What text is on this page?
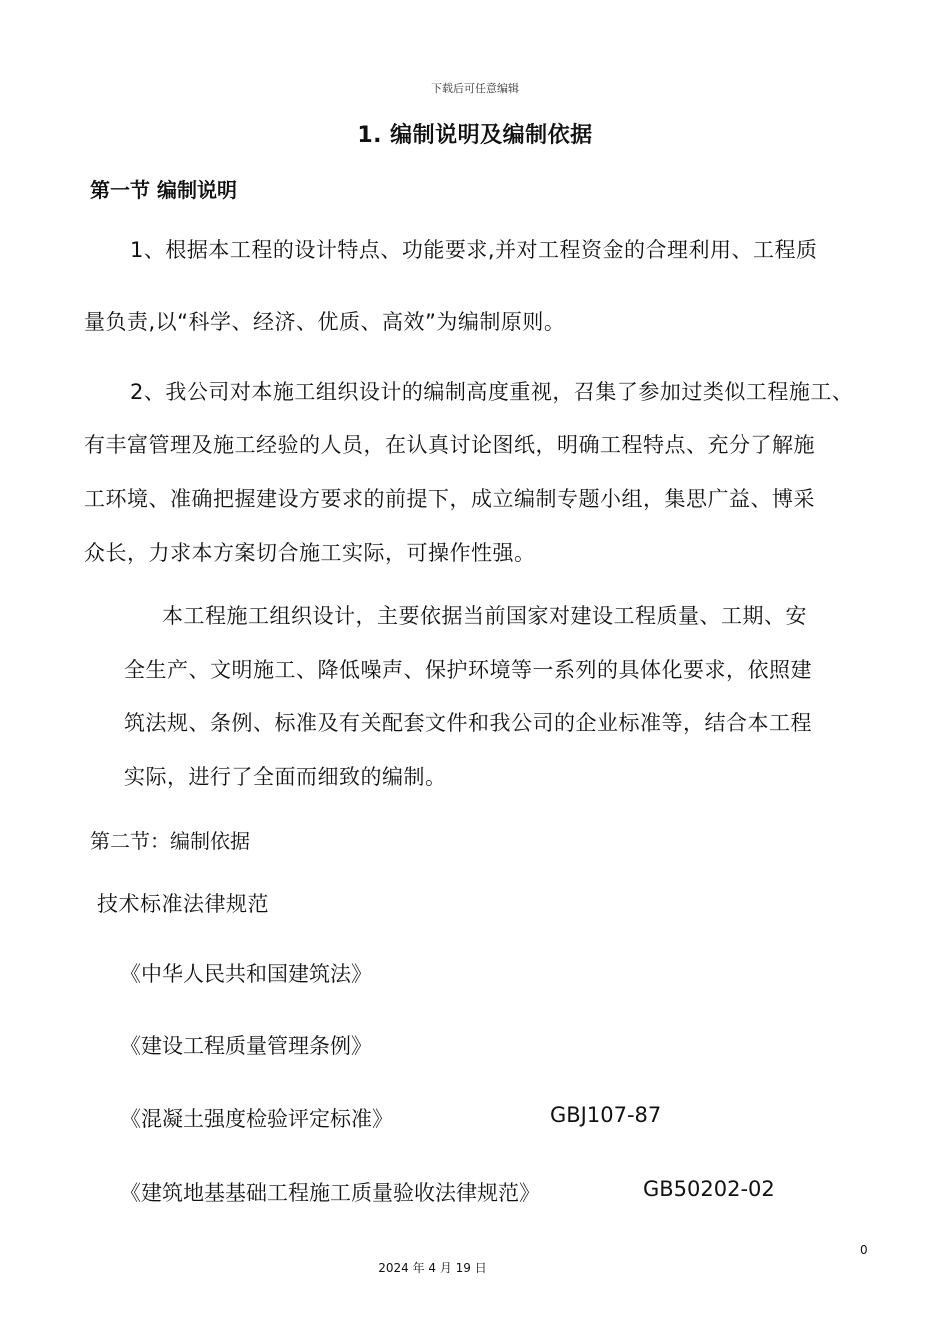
下载后可任意编辑
1. 编制说明及编制依据
第一节 编制说明
1、根据本工程的设计特点、功能要求,并对工程资金的合理利用、工程质
量负责,以“科学、经济、优质、高效”为编制原则。
2、我公司对本施工组织设计的编制高度重视，召集了参加过类似工程施工、
有丰富管理及施工经验的人员，在认真讨论图纸，明确工程特点、充分了解施
工环境、准确把握建设方要求的前提下，成立编制专题小组，集思广益、博采
众长，力求本方案切合施工实际，可操作性强。
本工程施工组织设计，主要依据当前国家对建设工程质量、工期、安
全生产、文明施工、降低噪声、保护环境等一系列的具体化要求，依照建
筑法规、条例、标准及有关配套文件和我公司的企业标准等，结合本工程
实际，进行了全面而细致的编制。
第二节：编制依据
技术标准法律规范
《中华人民共和国建筑法》
《建设工程质量管理条例》
《混凝土强度检验评定标准》	GBJ107-87
《建筑地基基础工程施工质量验收法律规范》	GB50202-02
0
2024 年 4 月 19 日
